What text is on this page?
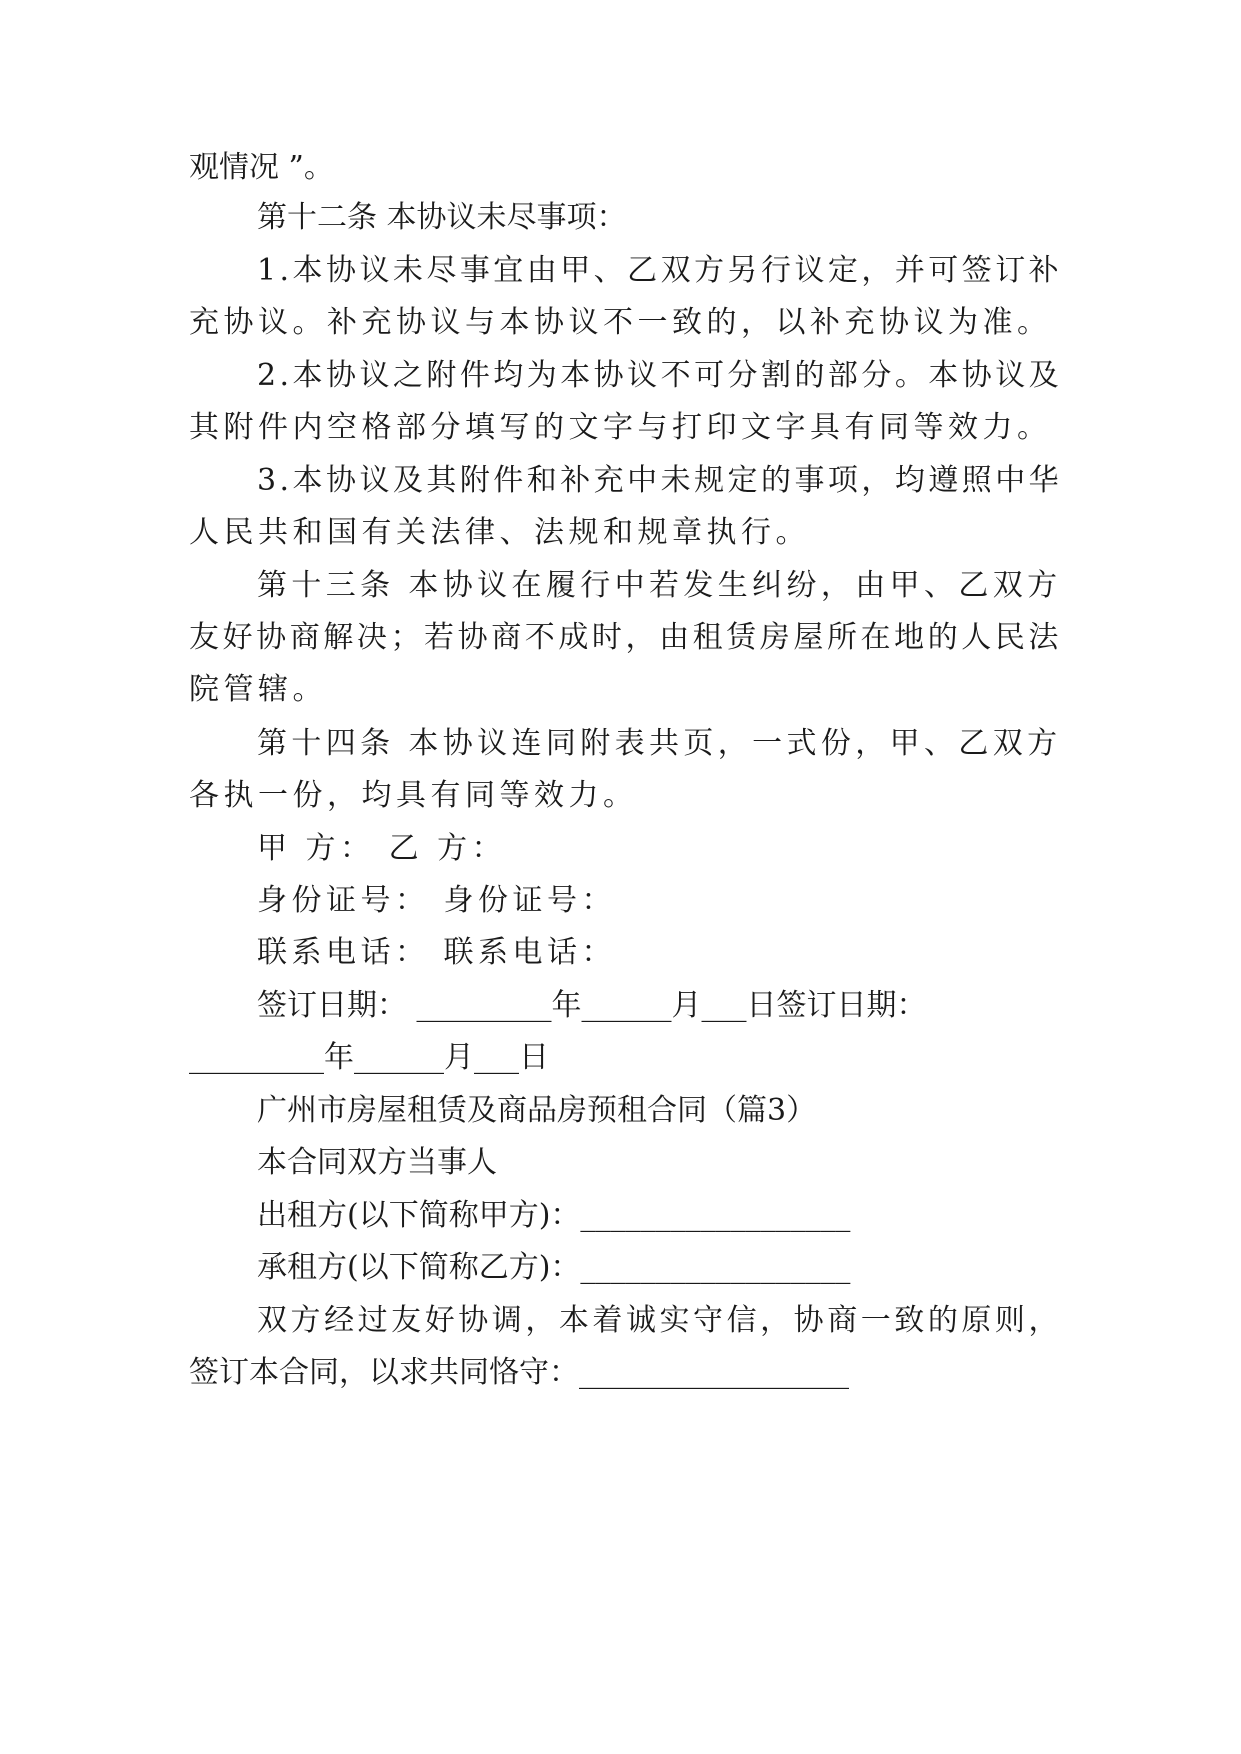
观情况 ”。
第十二条 本协议未尽事项：
1.本协议未尽事宜由甲、乙双方另行议定，并可签订补
充协议。补充协议与本协议不一致的，以补充协议为准。
2.本协议之附件均为本协议不可分割的部分。本协议及
其附件内空格部分填写的文字与打印文字具有同等效力。
3.本协议及其附件和补充中未规定的事项，均遵照中华
人民共和国有关法律、法规和规章执行。
第十三条 本协议在履行中若发生纠纷，由甲、乙双方
友好协商解决；若协商不成时，由租赁房屋所在地的人民法
院管辖。
第十四条 本协议连同附表共页，一式份，甲、乙双方
各执一份，均具有同等效力。
甲 方： 乙 方：
身份证号： 身份证号：
联系电话： 联系电话：
签订日期： _________年______月___日签订日期：
_________年______月___日
广州市房屋租赁及商品房预租合同（篇3）
本合同双方当事人
出租方(以下简称甲方)：__________________
承租方(以下简称乙方)：__________________
双方经过友好协调，本着诚实守信，协商一致的原则，
签订本合同，以求共同恪守：__________________
